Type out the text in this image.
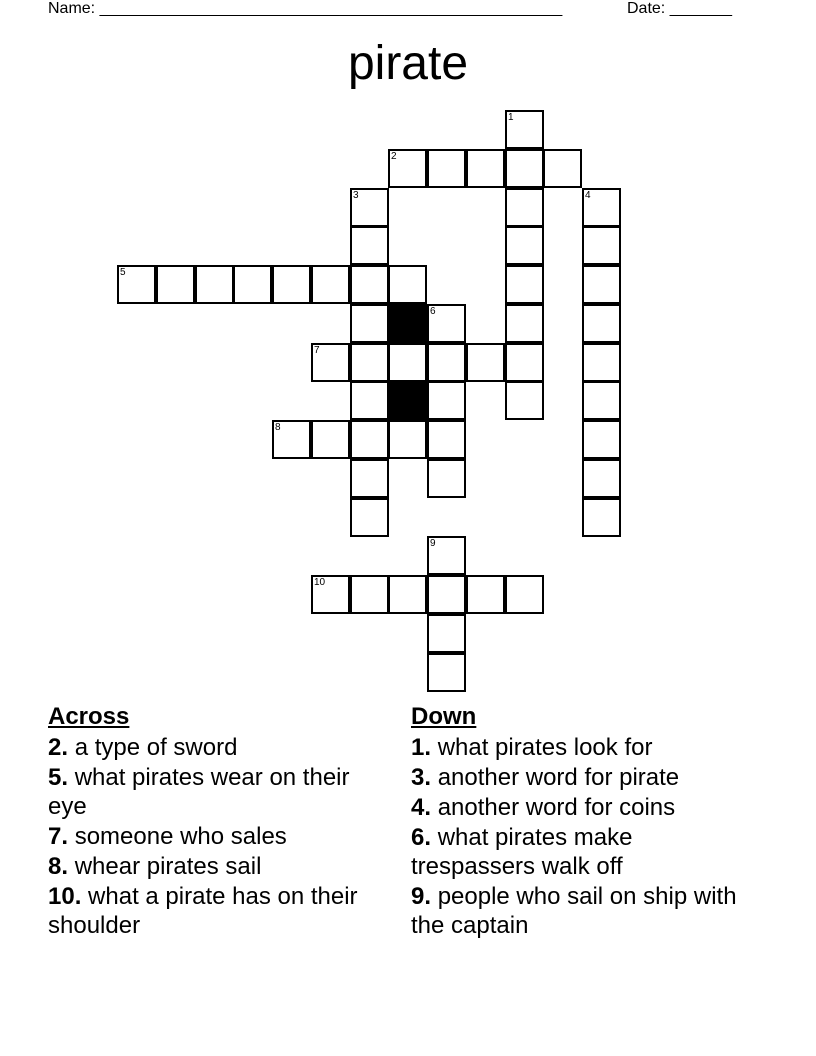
Name: ____________________________________________________	Date: _______
pirate
1
2
3	4
5
6
7
8
9
10
Across
2. a type of sword
5. what pirates wear on their eye
7. someone who sales
8. whear pirates sail
10. what a pirate has on their shoulder
Down
1. what pirates look for
3. another word for pirate
4. another word for coins
6. what pirates make trespassers walk off
9. people who sail on ship with the captain
